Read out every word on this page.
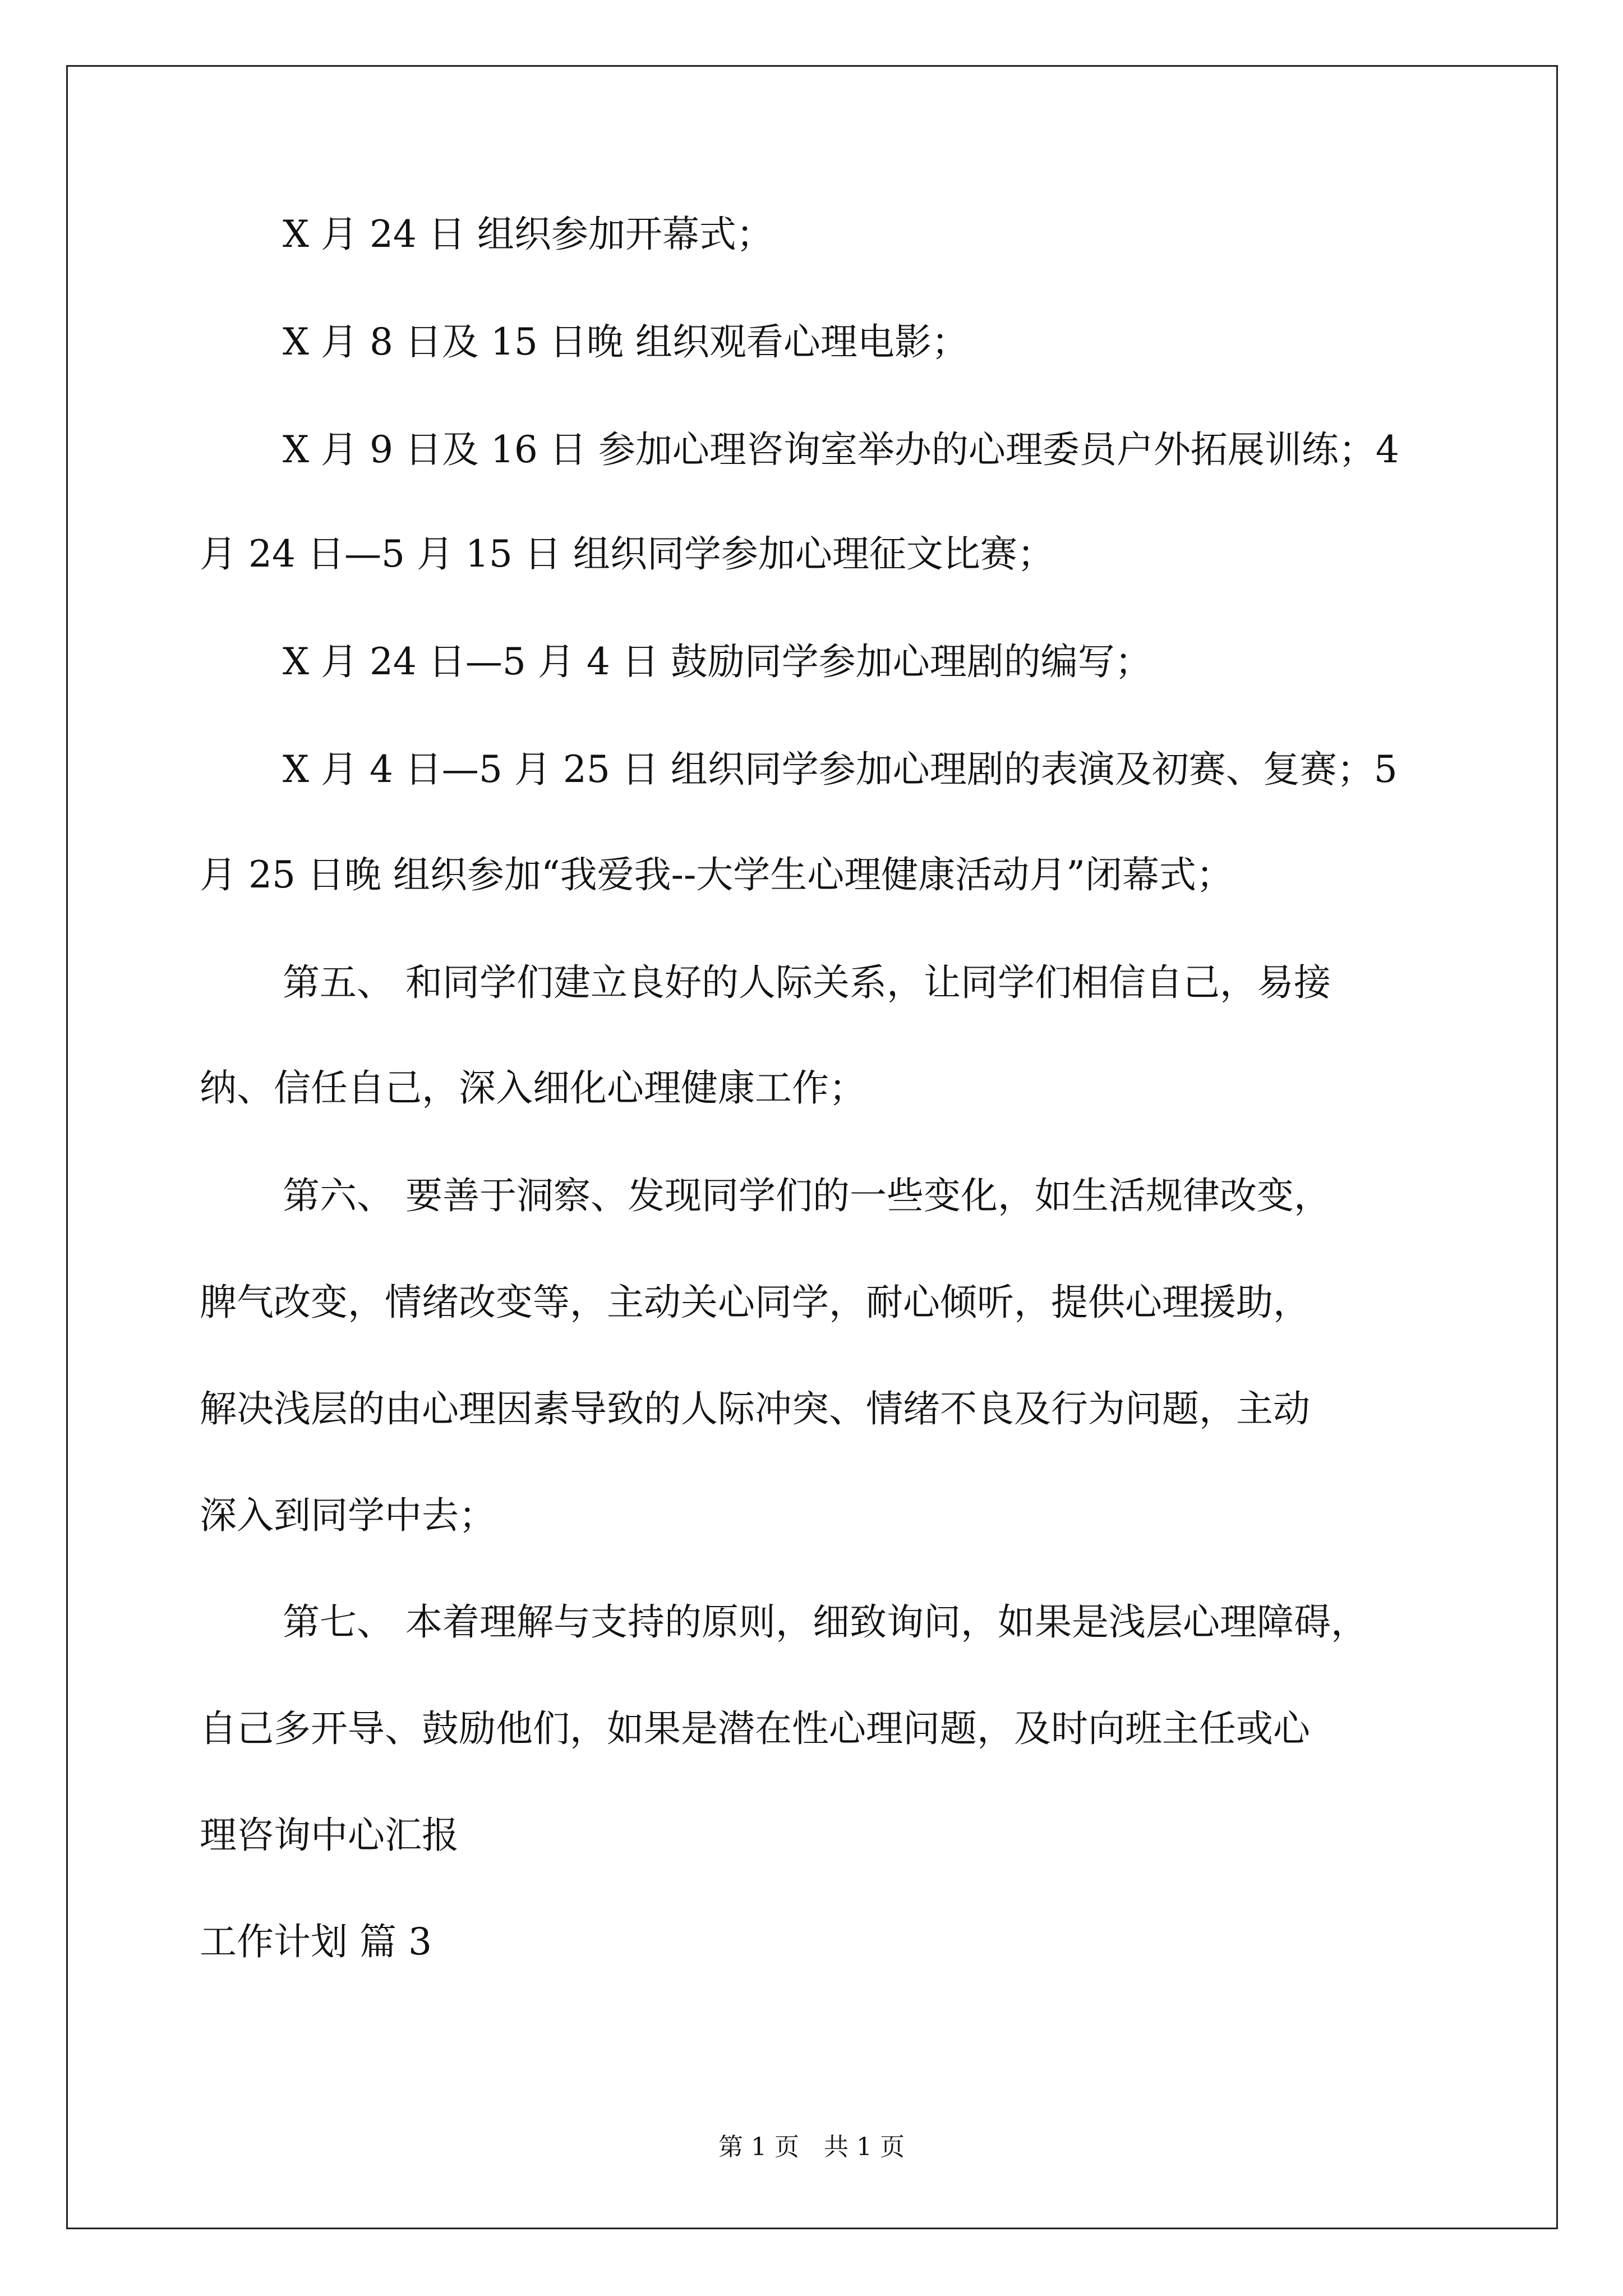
X 月 24 日 组织参加开幕式；
X 月 8 日及 15 日晚 组织观看心理电影；
X 月 9 日及 16 日 参加心理咨询室举办的心理委员户外拓展训练；4
月 24 日—5 月 15 日 组织同学参加心理征文比赛；
X 月 24 日—5 月 4 日 鼓励同学参加心理剧的编写；
X 月 4 日—5 月 25 日 组织同学参加心理剧的表演及初赛、复赛；5
月 25 日晚 组织参加“我爱我--大学生心理健康活动月”闭幕式；
第五、 和同学们建立良好的人际关系，让同学们相信自己，易接
纳、信任自己，深入细化心理健康工作；
第六、 要善于洞察、发现同学们的一些变化，如生活规律改变，
脾气改变，情绪改变等，主动关心同学，耐心倾听，提供心理援助，
解决浅层的由心理因素导致的人际冲突、情绪不良及行为问题，主动
深入到同学中去；
第七、 本着理解与支持的原则，细致询问，如果是浅层心理障碍，
自己多开导、鼓励他们，如果是潜在性心理问题，及时向班主任或心
理咨询中心汇报
工作计划 篇 3
第 1 页　共 1 页
